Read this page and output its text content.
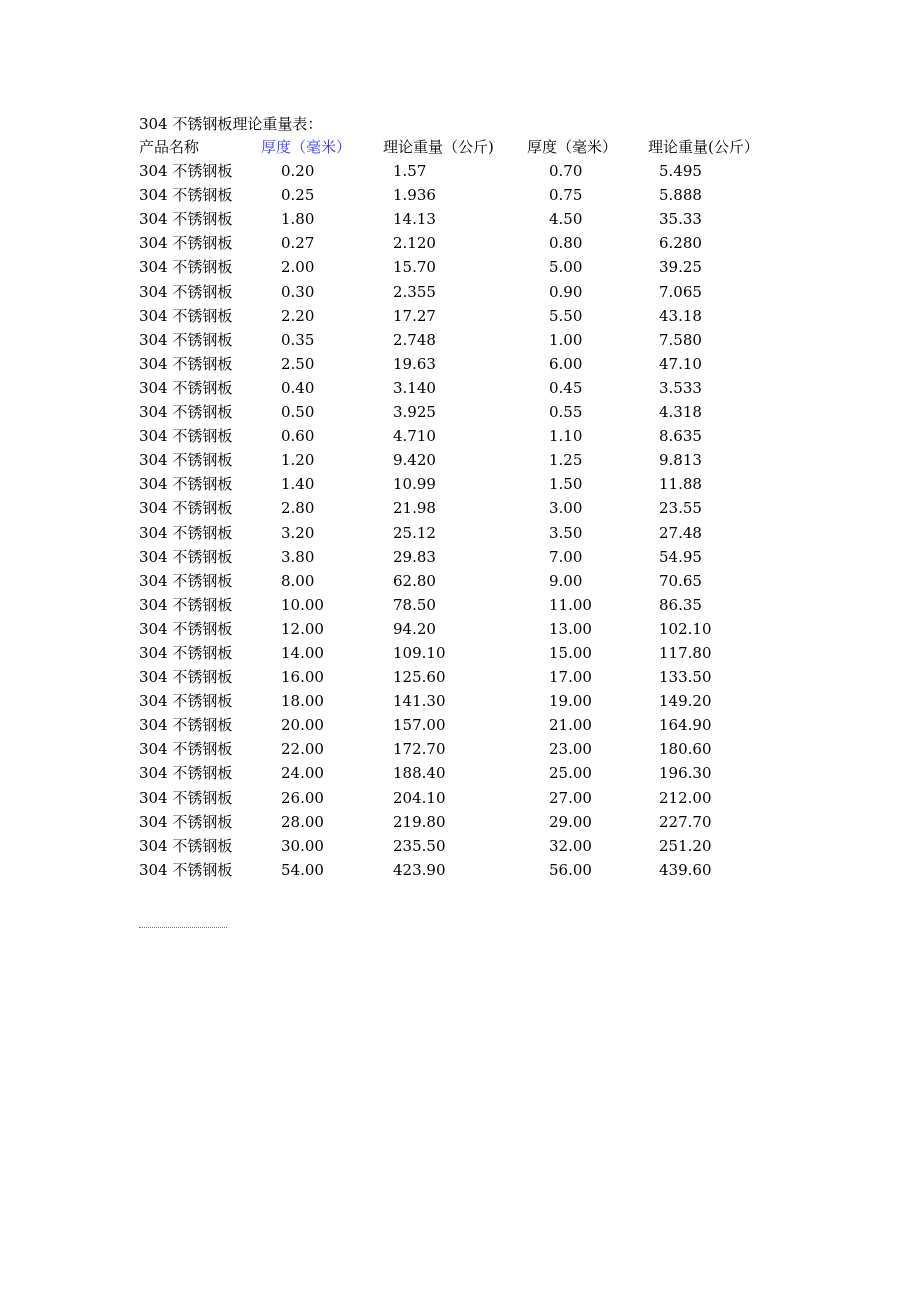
304 不锈钢板理论重量表：
产品名称	厚度（毫米） 理论重量（公斤) 厚度（毫米） 理论重量(公斤）
304 不锈钢板	0.20	1.57	0.70	5.495
304 不锈钢板	0.25	1.936	0.75	5.888
304 不锈钢板	1.80	14.13	4.50	35.33
304 不锈钢板	0.27	2.120	0.80	6.280
304 不锈钢板	2.00	15.70	5.00	39.25
304 不锈钢板	0.30	2.355	0.90	7.065
304 不锈钢板	2.20	17.27	5.50	43.18
304 不锈钢板	0.35	2.748	1.00	7.580
304 不锈钢板	2.50	19.63	6.00	47.10
304 不锈钢板	0.40	3.140	0.45	3.533
304 不锈钢板	0.50	3.925	0.55	4.318
304 不锈钢板	0.60	4.710	1.10	8.635
304 不锈钢板	1.20	9.420	1.25	9.813
304 不锈钢板	1.40	10.99	1.50	11.88
304 不锈钢板	2.80	21.98	3.00	23.55
304 不锈钢板	3.20	25.12	3.50	27.48
304 不锈钢板	3.80	29.83	7.00	54.95
304 不锈钢板	8.00	62.80	9.00	70.65
304 不锈钢板	10.00	78.50	11.00	86.35
304 不锈钢板	12.00	94.20	13.00	102.10
304 不锈钢板	14.00	109.10	15.00	117.80
304 不锈钢板	16.00	125.60	17.00	133.50
304 不锈钢板	18.00	141.30	19.00	149.20
304 不锈钢板	20.00	157.00	21.00	164.90
304 不锈钢板	22.00	172.70	23.00	180.60
304 不锈钢板	24.00	188.40	25.00	196.30
304 不锈钢板	26.00	204.10	27.00	212.00
304 不锈钢板	28.00	219.80	29.00	227.70
304 不锈钢板	30.00	235.50	32.00	251.20
304 不锈钢板	54.00	423.90	56.00	439.60
